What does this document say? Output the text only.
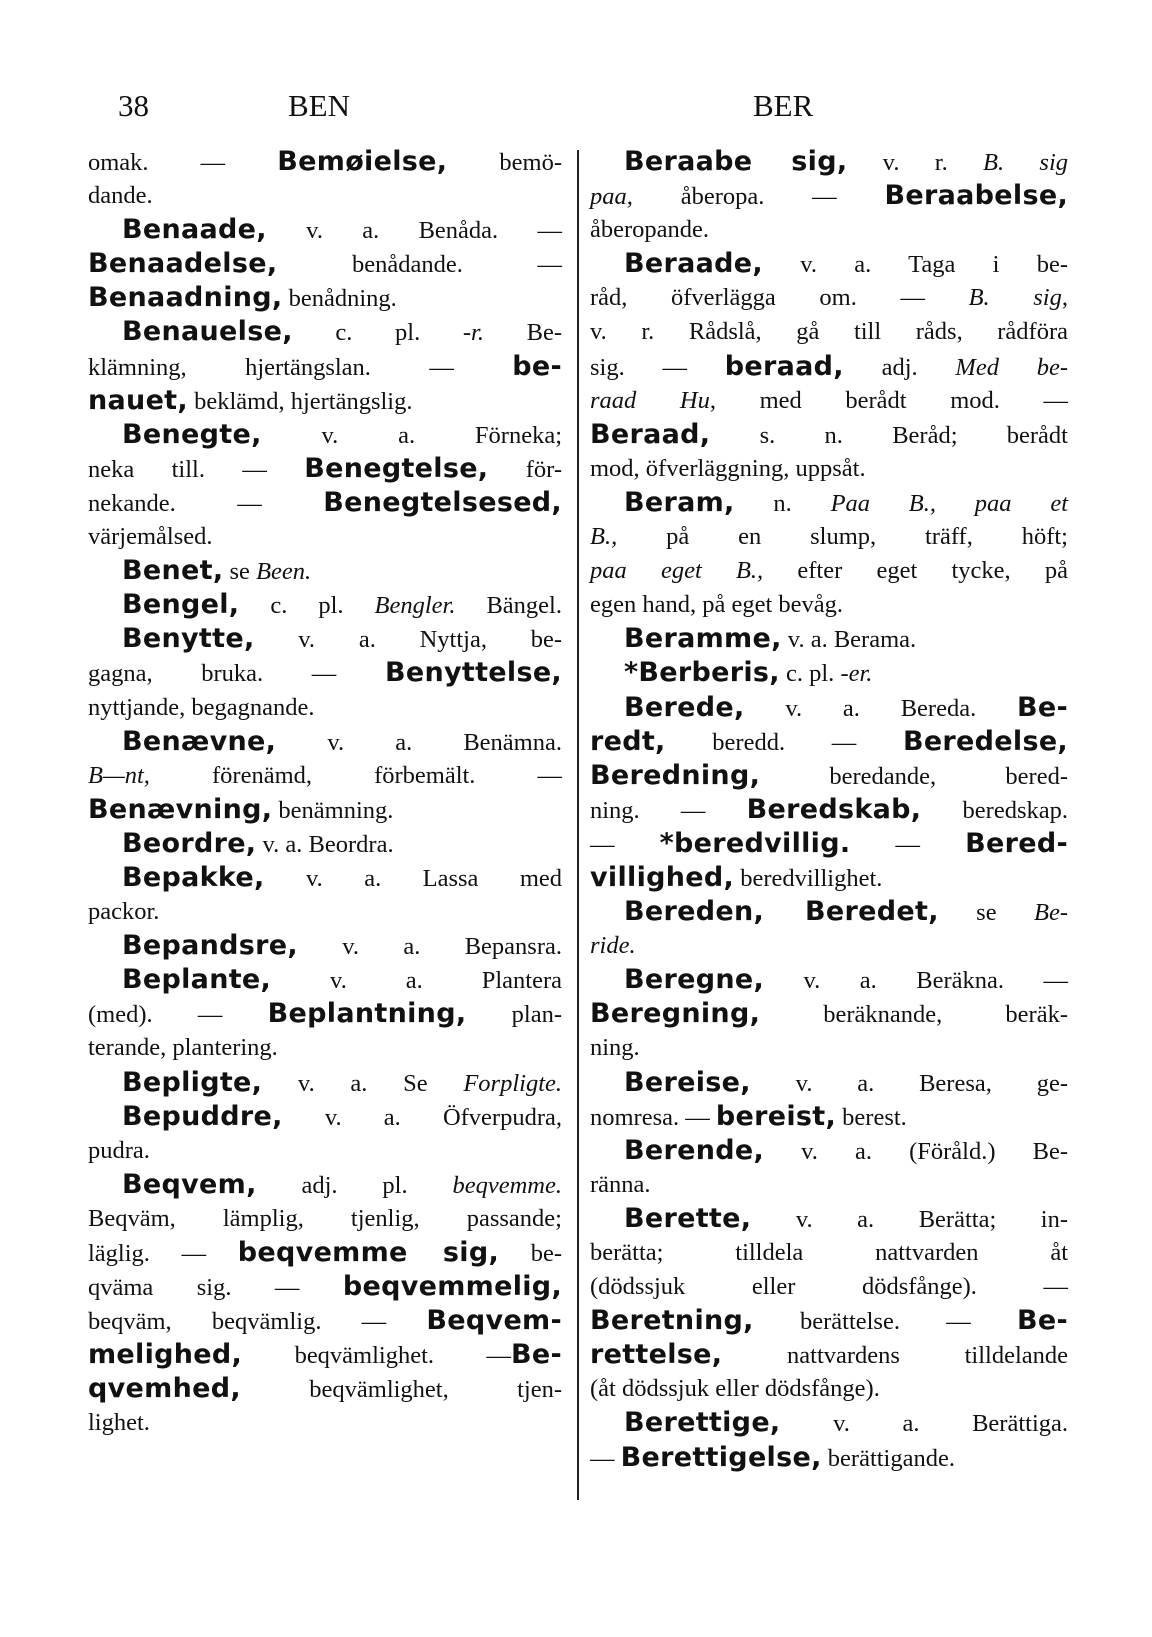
38	BEN	BER
omak. — Bemøielse, bemö-
dande.
Benaade, v. a. Benåda. —
Benaadelse, benådande. —
Benaadning, benådning.
Benauelse, c. pl. -r. Be-
klämning, hjertängslan. — be-
nauet, beklämd, hjertängslig.
Benegte, v. a. Förneka;
neka till. — Benegtelse, för-
nekande. — Benegtelsesed,
värjemålsed.
Benet, se Been.
Bengel, c. pl. Bengler. Bängel.
Benytte, v. a. Nyttja, be-
gagna, bruka. — Benyttelse,
nyttjande, begagnande.
Benævne, v. a. Benämna.
B—nt, förenämd, förbemält. —
Benævning, benämning.
Beordre, v. a. Beordra.
Bepakke, v. a. Lassa med
packor.
Bepandsre, v. a. Bepansra.
Beplante, v. a. Plantera
(med). — Beplantning, plan-
terande, plantering.
Bepligte, v. a. Se Forpligte.
Bepuddre, v. a. Öfverpudra,
pudra.
Beqvem, adj. pl. beqvemme.
Beqväm, lämplig, tjenlig, passande;
läglig. — beqvemme sig, be-
qväma sig. — beqvemmelig,
beqväm, beqvämlig. — Beqvem-
melighed, beqvämlighet. —Be-
qvemhed, beqvämlighet, tjen-
lighet.
Beraabe sig, v. r. B. sig
paa, åberopa. — Beraabelse,
åberopande.
Beraade, v. a. Taga i be-
råd, öfverlägga om. — B. sig,
v. r. Rådslå, gå till råds, rådföra
sig. — beraad, adj. Med be-
raad Hu, med berådt mod. —
Beraad, s. n. Beråd; berådt
mod, öfverläggning, uppsåt.
Beram, n. Paa B., paa et
B., på en slump, träff, höft;
paa eget B., efter eget tycke, på
egen hand, på eget bevåg.
Beramme, v. a. Berama.
*Berberis, c. pl. -er.
Berede, v. a. Bereda. Be-
redt, beredd. — Beredelse,
Beredning, beredande, bered-
ning. — Beredskab, beredskap.
— *beredvillig. — Bered-
villighed, beredvillighet.
Bereden, Beredet, se Be-
ride.
Beregne, v. a. Beräkna. —
Beregning, beräknande, beräk-
ning.
Bereise, v. a. Beresa, ge-
nomresa. — bereist, berest.
Berende, v. a. (Föråld.) Be-
ränna.
Berette, v. a. Berätta; in-
berätta; tilldela nattvarden åt
(dödssjuk eller dödsfånge). —
Beretning, berättelse. — Be-
rettelse, nattvardens tilldelande
(åt dödssjuk eller dödsfånge).
Berettige, v. a. Berättiga.
— Berettigelse, berättigande.
